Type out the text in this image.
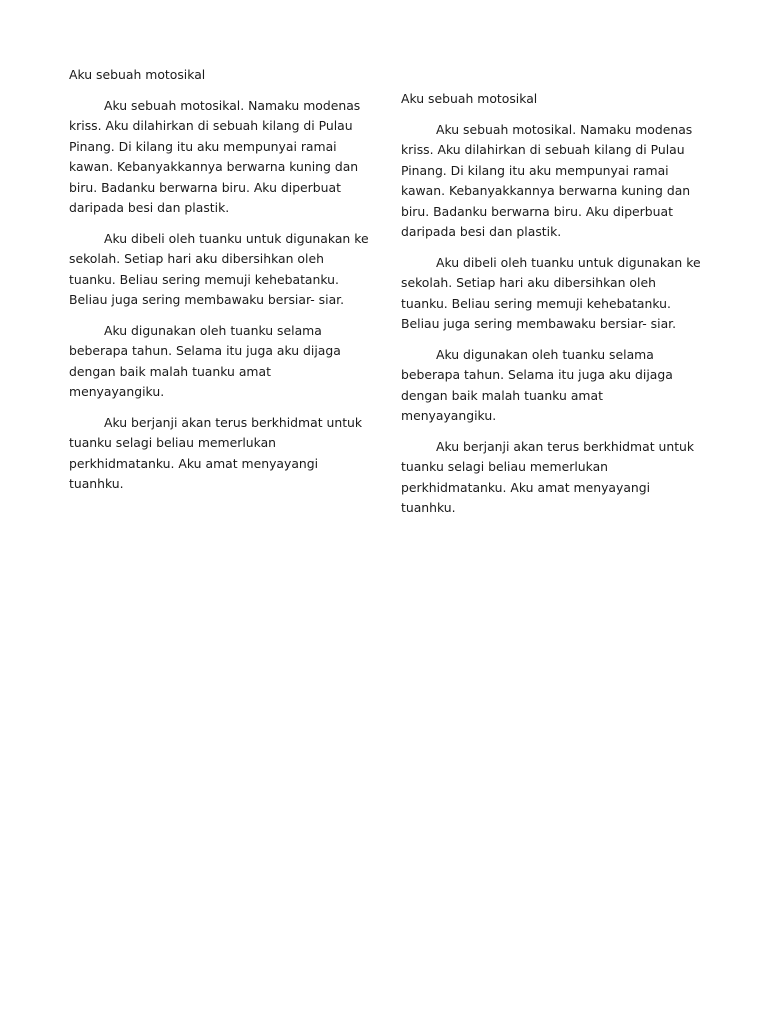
Aku sebuah motosikal

Aku sebuah motosikal. Namaku modenas kriss. Aku dilahirkan di sebuah kilang di Pulau Pinang. Di kilang itu aku mempunyai ramai kawan. Kebanyakkannya berwarna kuning dan biru. Badanku berwarna biru. Aku diperbuat daripada besi dan plastik.

Aku dibeli oleh tuanku untuk digunakan ke sekolah. Setiap hari aku dibersihkan oleh tuanku. Beliau sering memuji kehebatanku. Beliau juga sering membawaku bersiar- siar.

Aku digunakan oleh tuanku selama beberapa tahun. Selama itu juga aku dijaga dengan baik malah tuanku amat menyayangiku.

Aku berjanji akan terus berkhidmat untuk tuanku selagi beliau memerlukan perkhidmatanku. Aku amat menyayangi tuanhku.

Aku sebuah motosikal

Aku sebuah motosikal. Namaku modenas kriss. Aku dilahirkan di sebuah kilang di Pulau Pinang. Di kilang itu aku mempunyai ramai kawan. Kebanyakkannya berwarna kuning dan biru. Badanku berwarna biru. Aku diperbuat daripada besi dan plastik.

Aku dibeli oleh tuanku untuk digunakan ke sekolah. Setiap hari aku dibersihkan oleh tuanku. Beliau sering memuji kehebatanku. Beliau juga sering membawaku bersiar- siar.

Aku digunakan oleh tuanku selama beberapa tahun. Selama itu juga aku dijaga dengan baik malah tuanku amat menyayangiku.

Aku berjanji akan terus berkhidmat untuk tuanku selagi beliau memerlukan perkhidmatanku. Aku amat menyayangi tuanhku.
